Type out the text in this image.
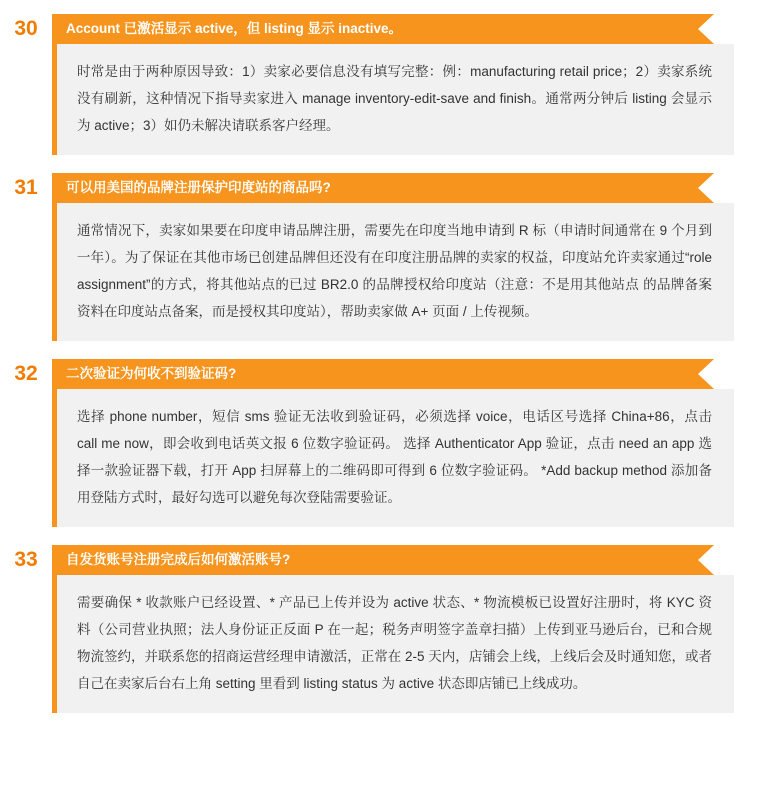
30	Account 已激活显示 active，但 listing 显示 inactive。

时常是由于两种原因导致：1）卖家必要信息没有填写完整：例：manufacturing retail price；2）卖家系统没有刷新，这种情况下指导卖家进入 manage inventory-edit-save and finish。通常两分钟后 listing 会显示为 active；3）如仍未解决请联系客户经理。

31	可以用美国的品牌注册保护印度站的商品吗?

通常情况下，卖家如果要在印度申请品牌注册，需要先在印度当地申请到 R 标（申请时间通常在 9 个月到一年）。为了保证在其他市场已创建品牌但还没有在印度注册品牌的卖家的权益，印度站允许卖家通过“role assignment”的方式，将其他站点的已过 BR2.0 的品牌授权给印度站（注意：不是用其他站点 的品牌备案资料在印度站点备案，而是授权其印度站），帮助卖家做 A+ 页面 / 上传视频。

32	二次验证为何收不到验证码?

选择 phone number，短信 sms 验证无法收到验证码，必须选择 voice，电话区号选择 China+86，点击 call me now，即会收到电话英文报 6 位数字验证码。 选择 Authenticator App 验证，点击 need an app 选择一款验证器下载，打开 App 扫屏幕上的二维码即可得到 6 位数字验证码。 *Add backup method 添加备用登陆方式时，最好勾选可以避免每次登陆需要验证。

33	自发货账号注册完成后如何激活账号?

需要确保 * 收款账户已经设置、* 产品已上传并设为 active 状态、* 物流模板已设置好注册时，将 KYC 资料（公司营业执照；法人身份证正反面 P 在一起；税务声明签字盖章扫描）上传到亚马逊后台，已和合规物流签约，并联系您的招商运营经理申请激活，正常在 2-5 天内，店铺会上线，上线后会及时通知您，或者自己在卖家后台右上角 setting 里看到 listing status 为 active 状态即店铺已上线成功。
